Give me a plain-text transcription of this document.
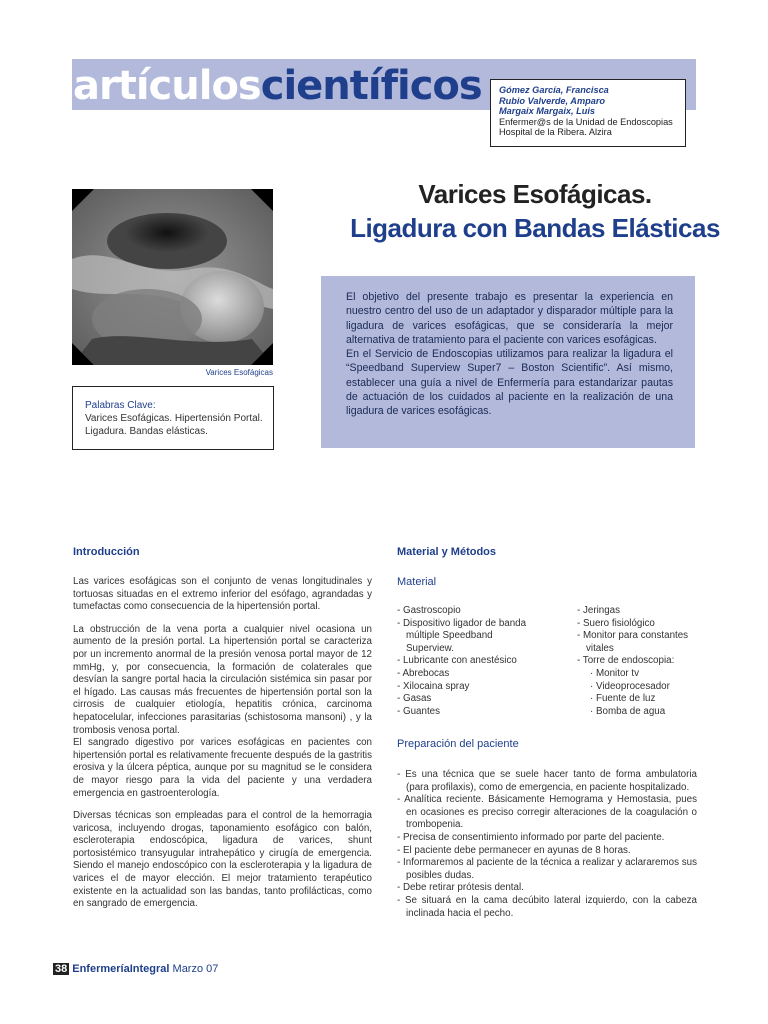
artículoscientíficos Gómez García, Francisca
Rubio Valverde, Amparo
Margaix Margaix, Luis
Enfermer@s de la Unidad de Endoscopias
Hospital de la Ribera. Alzira
Varices Esofágicas
Palabras Clave:
Varices Esofágicas. Hipertensión Portal. Ligadura. Bandas elásticas.
Varices Esofágicas.
Ligadura con Bandas Elásticas

El objetivo del presente trabajo es presentar la experiencia en nuestro centro del uso de un adaptador y disparador múltiple para la ligadura de varices esofágicas, que se consideraría la mejor alternativa de tratamiento para el paciente con varices esofágicas.

En el Servicio de Endoscopias utilizamos para realizar la ligadura el “Speedband Superview Super7 – Boston Scientific”. Así mismo, establecer una guía a nivel de Enfermería para estandarizar pautas de actuación de los cuidados al paciente en la realización de una ligadura de varices esofágicas.

Introducción

Las varices esofágicas son el conjunto de venas longitudinales y tortuosas situadas en el extremo inferior del esófago, agrandadas y tumefactas como consecuencia de la hipertensión portal.

La obstrucción de la vena porta a cualquier nivel ocasiona un aumento de la presión portal. La hipertensión portal se caracteriza por un incremento anormal de la presión venosa portal mayor de 12 mmHg, y, por consecuencia, la formación de colaterales que desvían la sangre portal hacia la circulación sistémica sin pasar por el hígado. Las causas más frecuentes de hipertensión portal son la cirrosis de cualquier etiología, hepatitis crónica, carcinoma hepatocelular, infecciones parasitarias (schistosoma mansoni) , y la trombosis venosa portal.

El sangrado digestivo por varices esofágicas en pacientes con hipertensión portal es relativamente frecuente después de la gastritis erosiva y la úlcera péptica, aunque por su magnitud se le considera de mayor riesgo para la vida del paciente y una verdadera emergencia en gastroenterología.

Diversas técnicas son empleadas para el control de la hemorragia varicosa, incluyendo drogas, taponamiento esofágico con balón, escleroterapia endoscópica, ligadura de varices, shunt portosistémico transyugular intrahepático y cirugía de emergencia. Siendo el manejo endoscópico con la escleroterapia y la ligadura de varices el de mayor elección. El mejor tratamiento terapéutico existente en la actualidad son las bandas, tanto profilácticas, como en sangrado de emergencia.

Material y Métodos
Material
- Gastroscopio
- Dispositivo ligador de banda múltiple Speedband Superview.
- Lubricante con anestésico
- Abrebocas
- Xilocaina spray
- Gasas
- Guantes
- Jeringas
- Suero fisiológico
- Monitor para constantes vitales
- Torre de endoscopia:
· Monitor tv
· Videoprocesador
· Fuente de luz
· Bomba de agua
Preparación del paciente
- Es una técnica que se suele hacer tanto de forma ambulatoria (para profilaxis), como de emergencia, en paciente hospitalizado.
- Analítica reciente. Básicamente Hemograma y Hemostasia, pues en ocasiones es preciso corregir alteraciones de la coagulación o trombopenia.
- Precisa de consentimiento informado por parte del paciente.
- El paciente debe permanecer en ayunas de 8 horas.
- Informaremos al paciente de la técnica a realizar y aclararemos sus posibles dudas.
- Debe retirar prótesis dental.
- Se situará en la cama decúbito lateral izquierdo, con la cabeza inclinada hacia el pecho.
38 EnfermeríaIntegral Marzo 07
